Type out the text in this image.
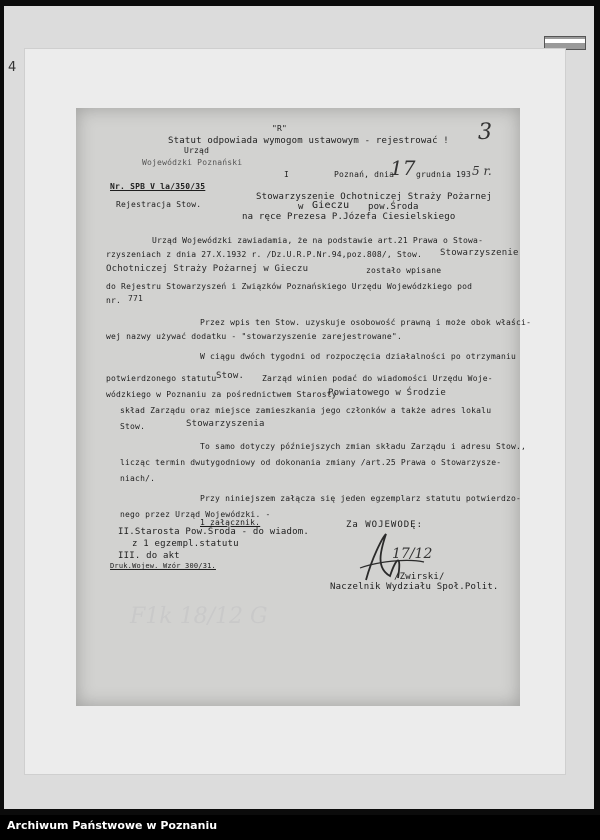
4
"R"
Statut odpowiada wymogom ustawowym - rejestrować ! 3
Urząd
Wojewódzki Poznański
I	Poznań, dnia
17 grudnia 193 5 r.
Nr. SPB V la/350/35
Rejestracja Stow.
Stowarzyszenie Ochotniczej Straży Pożarnej
w Gieczu pow.Środa
na ręce Prezesa P.Józefa Ciesielskiego
Urząd Wojewódzki zawiadamia, że na podstawie art.21 Prawa o Stowa-
rzyszeniach z dnia 27.X.1932 r. /Dz.U.R.P.Nr.94,poz.808/, Stow. Stowarzyszenie
Ochotniczej Straży Pożarnej w Gieczu	zostało wpisane
do Rejestru Stowarzyszeń i Związków Poznańskiego Urzędu Wojewódzkiego pod
nr. 771
Przez wpis ten Stow. uzyskuje osobowość prawną i może obok właści-
wej nazwy używać dodatku - "stowarzyszenie zarejestrowane".
W ciągu dwóch tygodni od rozpoczęcia działalności po otrzymaniu
potwierdzonego statutu Stow. Zarząd winien podać do wiadomości Urzędu Woje-
wódzkiego w Poznaniu za pośrednictwem Starosty
Powiatowego w Środzie
skład Zarządu oraz miejsce zamieszkania jego członków a także adres lokalu
Stow.	Stowarzyszenia
To samo dotyczy późniejszych zmian składu Zarządu i adresu Stow.,
licząc termin dwutygodniowy od dokonania zmiany /art.25 Prawa o Stowarzysze-
niach/.
Przy niniejszem załącza się jeden egzemplarz statutu potwierdzo-
nego przez Urząd Wojewódzki. -
1 załącznik.
II.Starosta Pow.Środa - do wiadom.
z 1 egzempl.statutu
III. do akt
Druk.Wojew. Wzór 300/31.
Za WOJEWODĘ:
17/12
/Zwirski/
Naczelnik Wydziału Społ.Polit.
F1k 18/12 G
Archiwum Państwowe w Poznaniu
